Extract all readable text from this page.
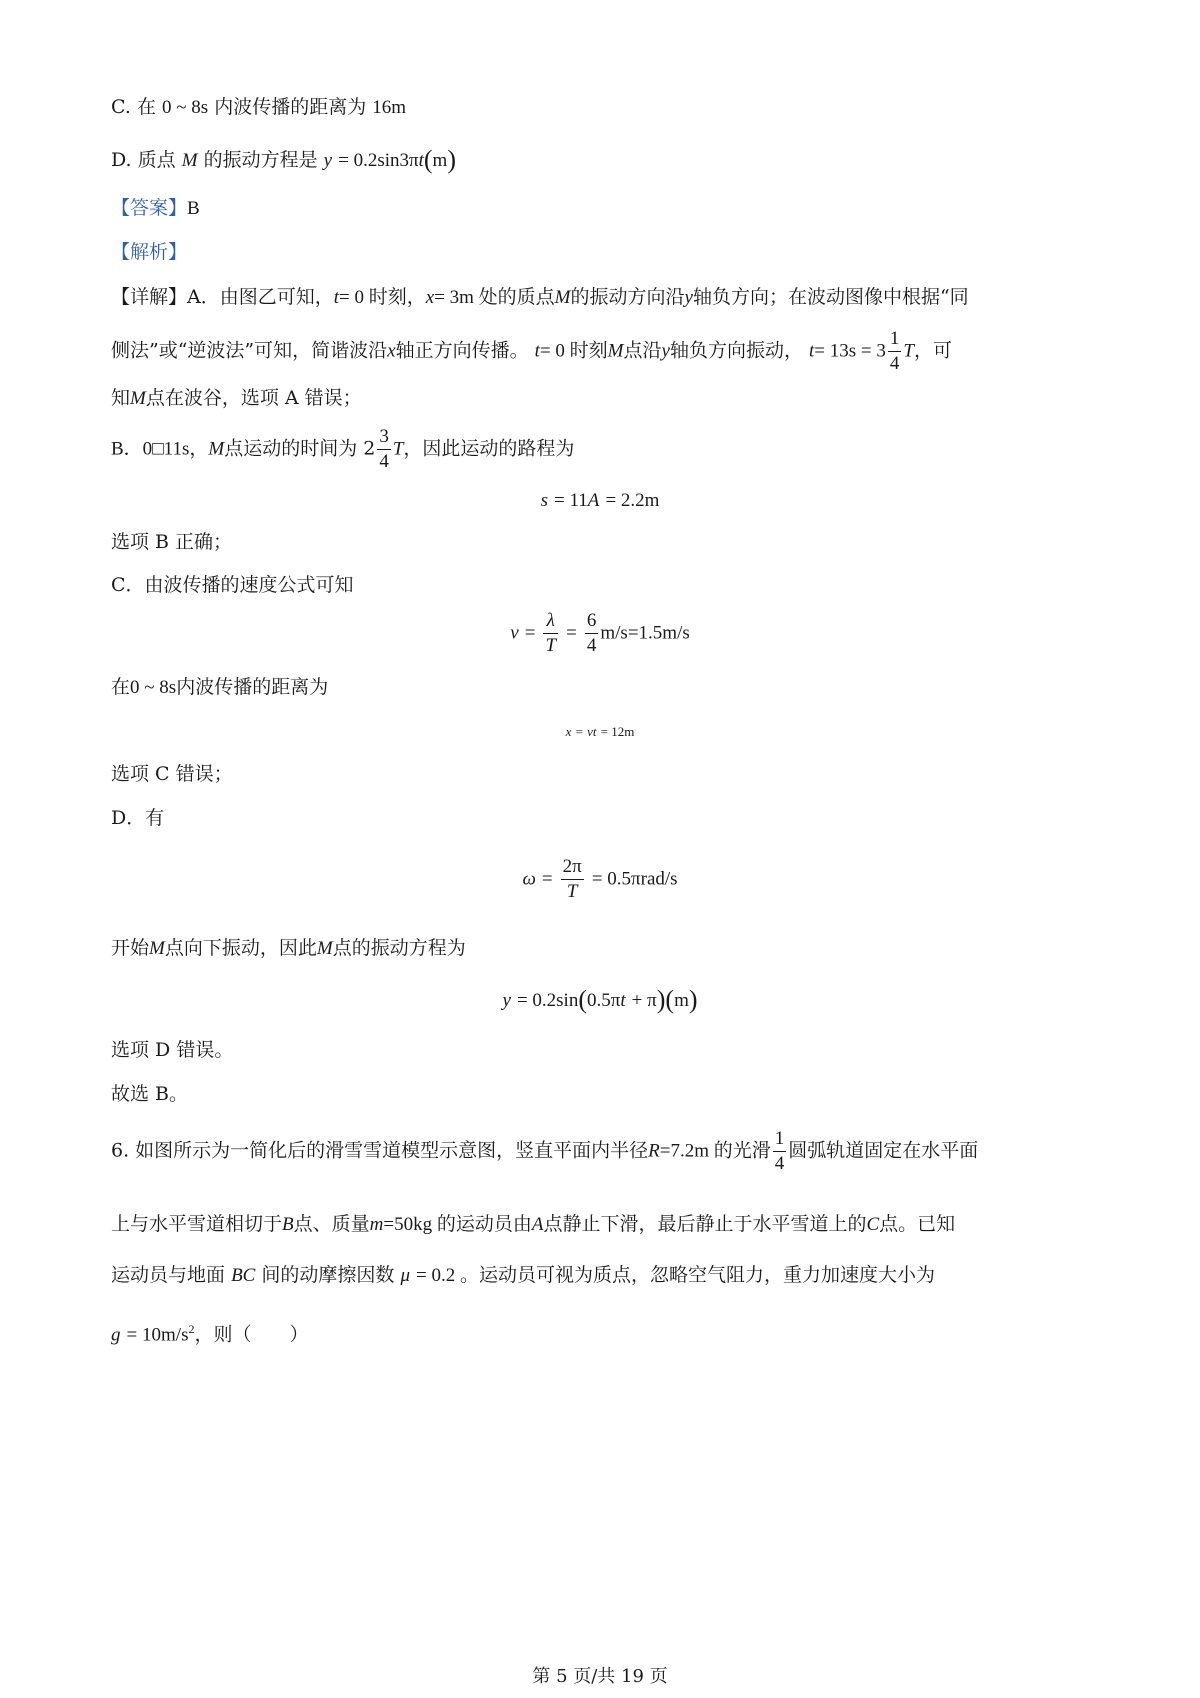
C. 在 0 ~ 8s 内波传播的距离为 16m
D. 质点 M 的振动方程是 y = 0.2sin3πt(m)
【答案】B
【解析】
【详解】A．由图乙可知，t= 0 时刻，x= 3m 处的质点M的振动方向沿y轴负方向；在波动图像中根据“同
侧法”或“逆波法”可知，简谐波沿x轴正方向传播。 t= 0 时刻M点沿y轴负方向振动， $t= 13s = 3 \frac{1}{4}$ T，可
知M点在波谷，选项 A 错误；
B．0□11s，M点运动的时间为 $2 \frac{3}{4}$ T，因此运动的路程为
s = 11A = 2.2m
选项 B 正确；
C．由波传播的速度公式可知
$v = \frac{\lambda}{T} = \frac{6}{4} m/s=1.5m/s$
在0 ~ 8s内波传播的距离为
x = vt = 12m
选项 C 错误；
D．有
$\omega = \frac{2\pi}{T} = 0.5\pi rad/s$
开始M点向下振动，因此M点的振动方程为
y = 0.2sin(0.5πt + π)(m)
选项 D 错误。
故选 B。
6. 如图所示为一简化后的滑雪雪道模型示意图，竖直平面内半径R=7.2m 的光滑 $\frac{1}{4}$ 圆弧轨道固定在水平面
上与水平雪道相切于B点、质量m=50kg 的运动员由A点静止下滑，最后静止于水平雪道上的C点。已知
运动员与地面 BC 间的动摩擦因数 μ = 0.2 。运动员可视为质点，忽略空气阻力，重力加速度大小为
$g = 10m/s^2$，则（　　）
第 5 页/共 19 页
